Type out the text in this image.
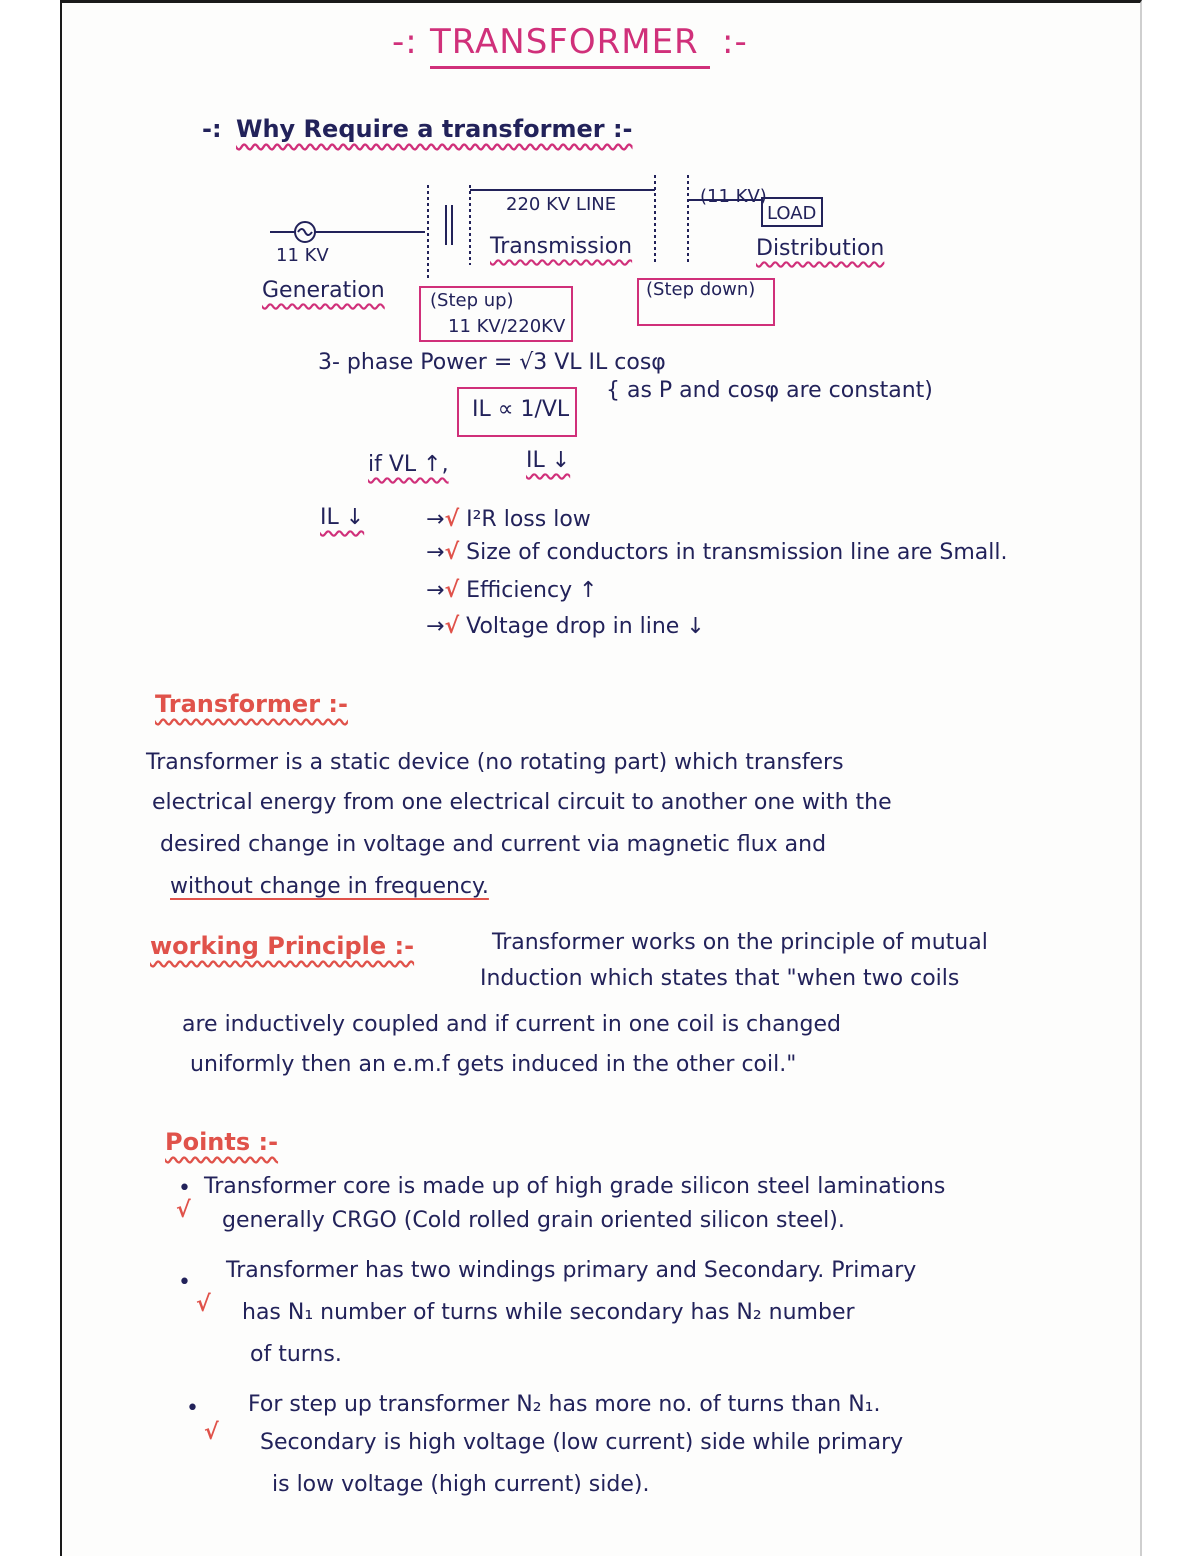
-: TRANSFORMER :-
-: Why Require a transformer :-
220 KV LINE	(11 KV)
LOAD
11 KV	Transmission	Distribution
Generation	(Step up)
11 KV/220KV
(Step down)
3- phase Power = √3 VL IL cosφ
IL ∝ 1/VL
{ as P and cosφ are constant)
if VL ↑,	IL ↓
IL ↓	→√ I²R loss low
→√ Size of conductors in transmission line are Small.
→√ Efficiency ↑
→√ Voltage drop in line ↓
Transformer :-
Transformer is a static device (no rotating part) which transfers
electrical energy from one electrical circuit to another one with the
desired change in voltage and current via magnetic flux and
without change in frequency.
working Principle :-	Transformer works on the principle of mutual
Induction which states that "when two coils
are inductively coupled and if current in one coil is changed
uniformly then an e.m.f gets induced in the other coil."
Points :-
√
• Transformer core is made up of high grade silicon steel laminations
generally CRGO (Cold rolled grain oriented silicon steel).
√
• Transformer has two windings primary and Secondary. Primary
has N₁ number of turns while secondary has N₂ number
of turns.
√
• For step up transformer N₂ has more no. of turns than N₁.
Secondary is high voltage (low current) side while primary
is low voltage (high current) side).
